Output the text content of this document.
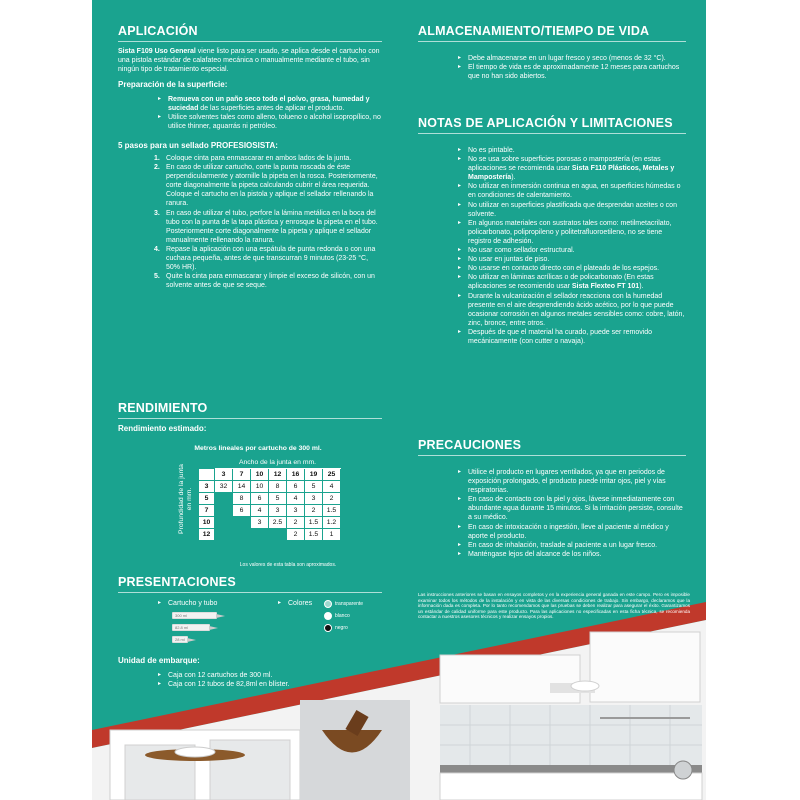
APLICACIÓN

Sista F109 Uso General viene listo para ser usado, se aplica desde el cartucho con una pistola estándar de calafateo mecánica o manualmente mediante el tubo, sin ningún tipo de tratamiento especial.

Preparación de la superficie:
▸ Remueva con un paño seco todo el polvo, grasa, humedad y suciedad de las superficies antes de aplicar el producto.
▸ Utilice solventes tales como alleno, tolueno o alcohol isopropílico, no utilice thinner, aguarrás ni petróleo.
5 pasos para un sellado PROFESIOSISTA:
1. Coloque cinta para enmascarar en ambos lados de la junta.
2. En caso de utilizar cartucho, corte la punta roscada de éste perpendicularmente y atornille la pipeta en la rosca. Posteriormente, corte diagonalmente la pipeta calculando cubrir el área requerida. Coloque el cartucho en la pistola y aplique el sellador rellenando la ranura.
3. En caso de utilizar el tubo, perfore la lámina metálica en la boca del tubo con la punta de la tapa plástica y enrosque la pipeta en el tubo. Posteriormente corte diagonalmente la pipeta y aplique el sellador manualmente rellenando la ranura.
4. Repase la aplicación con una espátula de punta redonda o con una cuchara pequeña, antes de que transcurran 9 minutos (23-25 °C, 50% HR).
5. Quite la cinta para enmascarar y limpie el exceso de silicón, con un solvente antes de que se seque.
RENDIMIENTO
Rendimiento estimado:
Metros lineales por cartucho de 300 ml.
Profundidad de la junta en mm.
	Ancho de la junta en mm.						
	3	7	10	12	16	19	25
3	32	14	10	8	6	5	4
5		8	6	5	4	3	2
7		6	4	3	3	2	1.5
10			3	2.5	2	1.5	1.2
12					2	1.5	1
Los valores de esta tabla son aproximados.
PRESENTACIONES
▸ Cartucho y tubo
300 ml
82.8 ml
28 ml
▸ Colores	transparente
blanco
negro
Unidad de embarque:
▸ Caja con 12 cartuchos de 300 ml.
▸ Caja con 12 tubos de 82,8ml en blíster.
ALMACENAMIENTO/TIEMPO DE VIDA
▸ Debe almacenarse en un lugar fresco y seco (menos de 32 °C).
▸ El tiempo de vida es de aproximadamente 12 meses para cartuchos que no han sido abiertos.
NOTAS DE APLICACIÓN Y LIMITACIONES
▸ No es pintable.
▸ No se usa sobre superficies porosas o mampostería (en estas aplicaciones se recomienda usar Sista F110 Plásticos, Metales y Mampostería).
▸ No utilizar en inmersión continua en agua, en superficies húmedas o en condiciones de calentamiento.
▸ No utilizar en superficies plastificada que desprendan aceites o con solvente.
▸ En algunos materiales con sustratos tales como: metilmetacrilato, policarbonato, polipropileno y politetrafluoroetileno, no se tiene registro de adhesión.
▸ No usar como sellador estructural.
▸ No usar en juntas de piso.
▸ No usarse en contacto directo con el plateado de los espejos.
▸ No utilizar en láminas acrílicas o de policarbonato (En estas aplicaciones se recomiendo usar Sista Flexteo FT 101).
▸ Durante la vulcanización el sellador reacciona con la humedad presente en el aire desprendiendo ácido acético, por lo que puede ocasionar corrosión en algunos metales sensibles como: cobre, latón, zinc, bronce, entre otros.
▸ Después de que el material ha curado, puede ser removido mecánicamente (con cutter o navaja).
PRECAUCIONES
▸ Utilice el producto en lugares ventilados, ya que en periodos de exposición prolongado, el producto puede irritar ojos, piel y vías respiratorias.
▸ En caso de contacto con la piel y ojos, lávese inmediatamente con abundante agua durante 15 minutos. Si la irritación persiste, consulte a su médico.
▸ En caso de intoxicación o ingestión, lleve al paciente al médico y aporte el producto.
▸ En caso de inhalación, traslade al paciente a un lugar fresco.
▸ Manténgase lejos del alcance de los niños.
Las instrucciones anteriores se basan en ensayos completos y en la experiencia general ganada en este campo. Pero es imposible examinar todos los métodos de la instalación y en vista de las diversas condiciones de trabajo. Sin embargo, declaramos que la información dada es completa. Por lo tanto recomendamos que las pruebas se deben realizar para asegurar el éxito. Garantizamos un estándar de calidad uniforme para este producto. Para las aplicaciones no especificadas en esta ficha técnica, se recomienda contactar a nuestros asesores técnicos y realizar ensayos propios.
